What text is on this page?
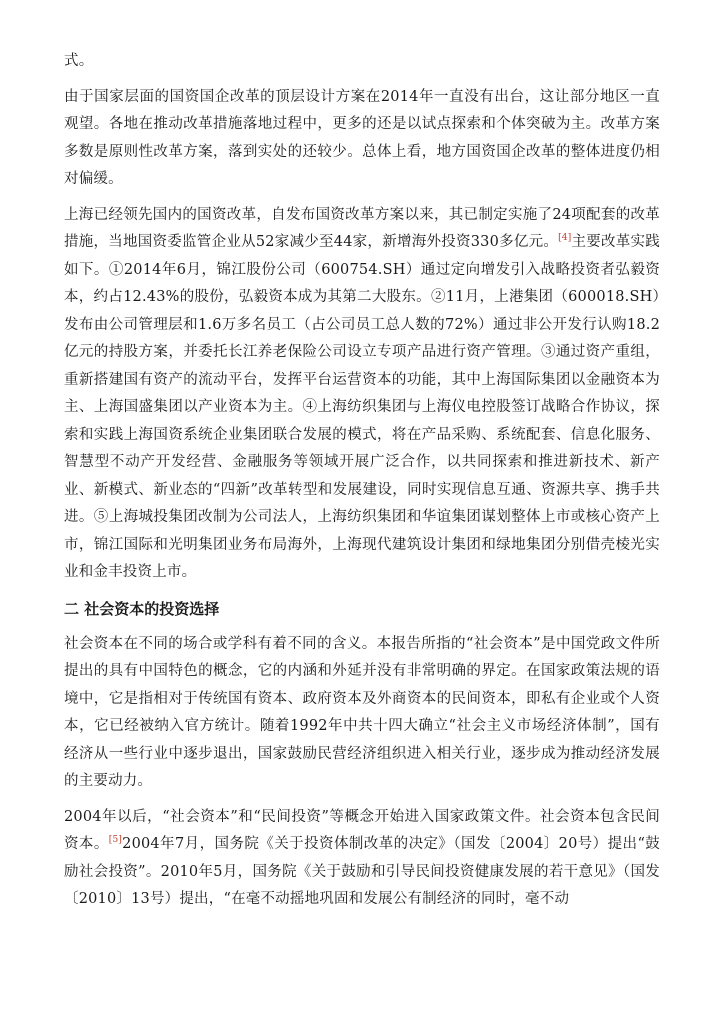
式。

由于国家层面的国资国企改革的顶层设计方案在2014年一直没有出台，这让部分地区一直观望。各地在推动改革措施落地过程中，更多的还是以试点探索和个体突破为主。改革方案多数是原则性改革方案，落到实处的还较少。总体上看，地方国资国企改革的整体进度仍相对偏缓。

上海已经领先国内的国资改革，自发布国资改革方案以来，其已制定实施了24项配套的改革措施，当地国资委监管企业从52家减少至44家，新增海外投资330多亿元。[4]主要改革实践如下。①2014年6月，锦江股份公司（600754.SH）通过定向增发引入战略投资者弘毅资本，约占12.43%的股份，弘毅资本成为其第二大股东。②11月，上港集团（600018.SH）发布由公司管理层和1.6万多名员工（占公司员工总人数的72%）通过非公开发行认购18.2亿元的持股方案，并委托长江养老保险公司设立专项产品进行资产管理。③通过资产重组，重新搭建国有资产的流动平台，发挥平台运营资本的功能，其中上海国际集团以金融资本为主、上海国盛集团以产业资本为主。④上海纺织集团与上海仪电控股签订战略合作协议，探索和实践上海国资系统企业集团联合发展的模式，将在产品采购、系统配套、信息化服务、智慧型不动产开发经营、金融服务等领域开展广泛合作，以共同探索和推进新技术、新产业、新模式、新业态的“四新”改革转型和发展建设，同时实现信息互通、资源共享、携手共进。⑤上海城投集团改制为公司法人，上海纺织集团和华谊集团谋划整体上市或核心资产上市，锦江国际和光明集团业务布局海外，上海现代建筑设计集团和绿地集团分别借壳棱光实业和金丰投资上市。

二 社会资本的投资选择

社会资本在不同的场合或学科有着不同的含义。本报告所指的“社会资本”是中国党政文件所提出的具有中国特色的概念，它的内涵和外延并没有非常明确的界定。在国家政策法规的语境中，它是指相对于传统国有资本、政府资本及外商资本的民间资本，即私有企业或个人资本，它已经被纳入官方统计。随着1992年中共十四大确立“社会主义市场经济体制”，国有经济从一些行业中逐步退出，国家鼓励民营经济组织进入相关行业，逐步成为推动经济发展的主要动力。

2004年以后，“社会资本”和“民间投资”等概念开始进入国家政策文件。社会资本包含民间资本。[5]2004年7月，国务院《关于投资体制改革的决定》（国发〔2004〕20号）提出“鼓励社会投资”。2010年5月，国务院《关于鼓励和引导民间投资健康发展的若干意见》（国发〔2010〕13号）提出，“在毫不动摇地巩固和发展公有制经济的同时，毫不动
